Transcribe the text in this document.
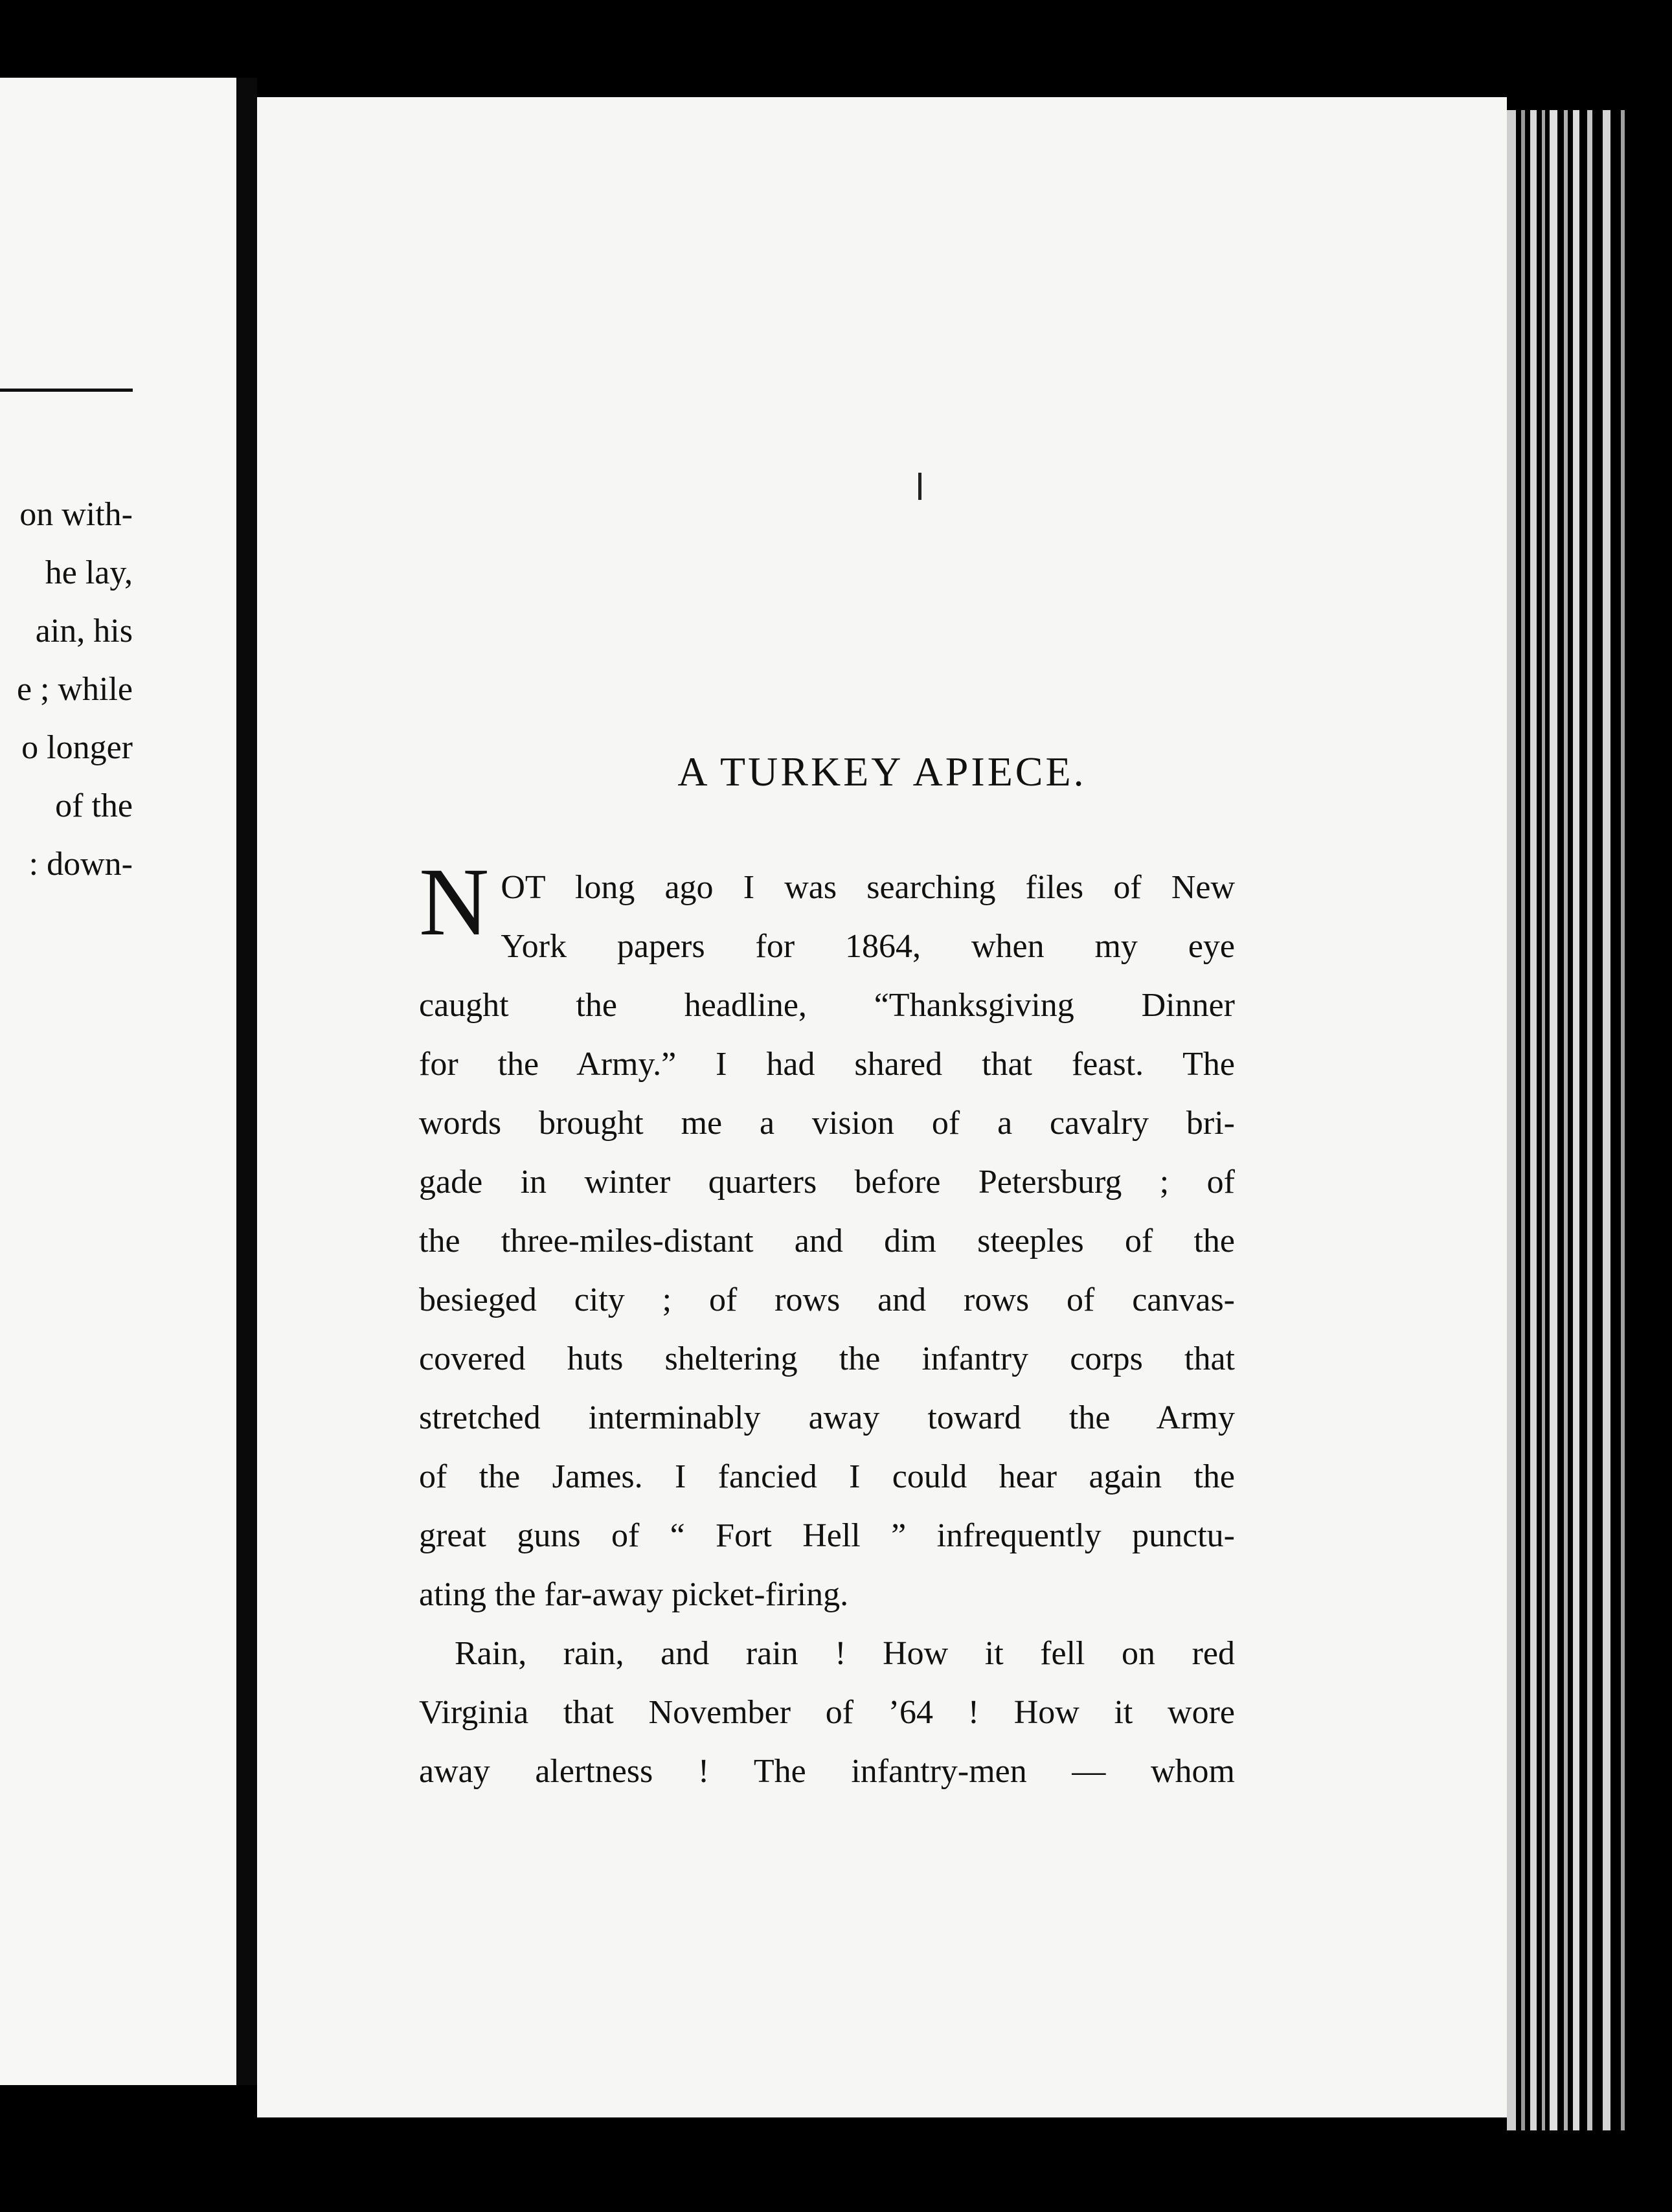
on with-
he lay,
ain, his
e ; while
o longer
of the
: down-
A TURKEY APIECE.
N OT long ago I was searching files of New
York papers for 1864, when my eye
caught the headline, “Thanksgiving Dinner
for the Army.” I had shared that feast. The
words brought me a vision of a cavalry bri-
gade in winter quarters before Petersburg ; of
the three-miles-distant and dim steeples of the
besieged city ; of rows and rows of canvas-
covered huts sheltering the infantry corps that
stretched interminably away toward the Army
of the James. I fancied I could hear again the
great guns of “ Fort Hell ” infrequently punctu-
ating the far-away picket-firing.
Rain, rain, and rain ! How it fell on red
Virginia that November of ’64 ! How it wore
away alertness ! The infantry-men — whom
